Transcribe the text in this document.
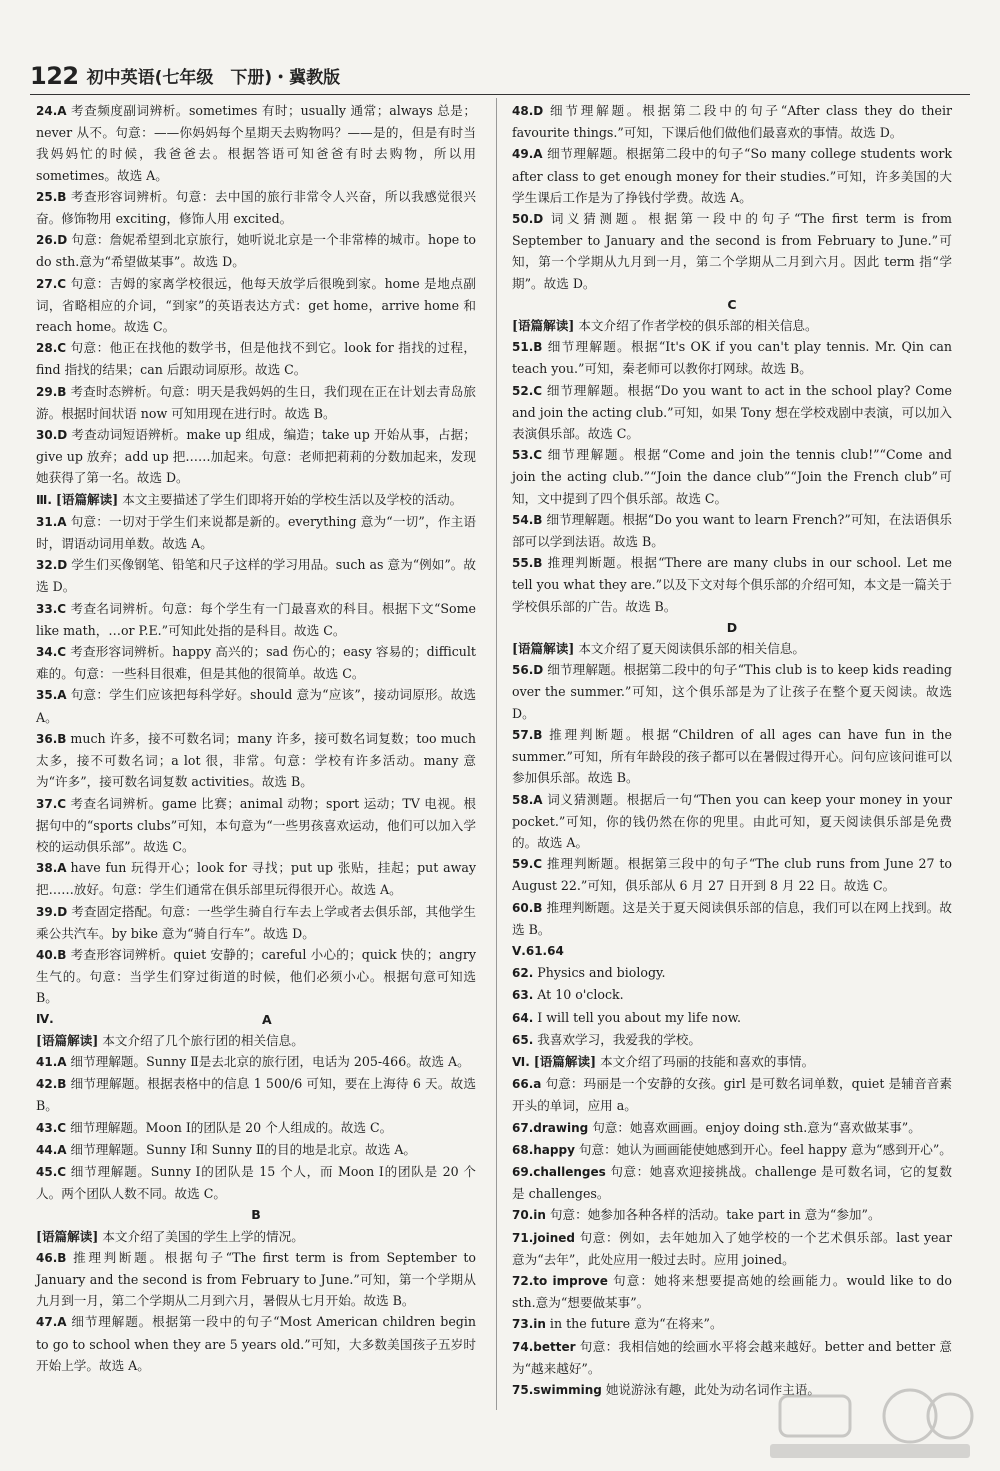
122 初中英语(七年级　下册)・冀教版

24.A 考查频度副词辨析。sometimes 有时；usually 通常；always 总是；never 从不。句意：——你妈妈每个星期天去购物吗？——是的，但是有时当我妈妈忙的时候，我爸爸去。根据答语可知爸爸有时去购物，所以用 sometimes。故选 A。

25.B 考查形容词辨析。句意：去中国的旅行非常令人兴奋，所以我感觉很兴奋。修饰物用 exciting，修饰人用 excited。

26.D 句意：詹妮希望到北京旅行，她听说北京是一个非常棒的城市。hope to do sth.意为“希望做某事”。故选 D。

27.C 句意：吉姆的家离学校很远，他每天放学后很晚到家。home 是地点副词，省略相应的介词，“到家”的英语表达方式：get home，arrive home 和 reach home。故选 C。

28.C 句意：他正在找他的数学书，但是他找不到它。look for 指找的过程，find 指找的结果；can 后跟动词原形。故选 C。

29.B 考查时态辨析。句意：明天是我妈妈的生日，我们现在正在计划去青岛旅游。根据时间状语 now 可知用现在进行时。故选 B。

30.D 考查动词短语辨析。make up 组成，编造；take up 开始从事，占据；give up 放弃；add up 把……加起来。句意：老师把莉莉的分数加起来，发现她获得了第一名。故选 D。

Ⅲ. [语篇解读] 本文主要描述了学生们即将开始的学校生活以及学校的活动。

31.A 句意：一切对于学生们来说都是新的。everything 意为“一切”，作主语时，谓语动词用单数。故选 A。

32.D 学生们买像钢笔、铅笔和尺子这样的学习用品。such as 意为“例如”。故选 D。

33.C 考查名词辨析。句意：每个学生有一门最喜欢的科目。根据下文“Some like math，…or P.E.”可知此处指的是科目。故选 C。

34.C 考查形容词辨析。happy 高兴的；sad 伤心的；easy 容易的；difficult 难的。句意：一些科目很难，但是其他的很简单。故选 C。

35.A 句意：学生们应该把每科学好。should 意为“应该”，接动词原形。故选 A。

36.B much 许多，接不可数名词；many 许多，接可数名词复数；too much 太多，接不可数名词；a lot 很，非常。句意：学校有许多活动。many 意为“许多”，接可数名词复数 activities。故选 B。

37.C 考查名词辨析。game 比赛；animal 动物；sport 运动；TV 电视。根据句中的“sports clubs”可知，本句意为“一些男孩喜欢运动，他们可以加入学校的运动俱乐部”。故选 C。

38.A have fun 玩得开心；look for 寻找；put up 张贴，挂起；put away 把……放好。句意：学生们通常在俱乐部里玩得很开心。故选 A。

39.D 考查固定搭配。句意：一些学生骑自行车去上学或者去俱乐部，其他学生乘公共汽车。by bike 意为“骑自行车”。故选 D。

40.B 考查形容词辨析。quiet 安静的；careful 小心的；quick 快的；angry 生气的。句意：当学生们穿过街道的时候，他们必须小心。根据句意可知选 B。

Ⅳ.	A

[语篇解读] 本文介绍了几个旅行团的相关信息。

41.A 细节理解题。Sunny Ⅱ是去北京的旅行团，电话为 205-466。故选 A。

42.B 细节理解题。根据表格中的信息 1 500/6 可知，要在上海待 6 天。故选 B。

43.C 细节理解题。Moon Ⅰ的团队是 20 个人组成的。故选 C。

44.A 细节理解题。Sunny Ⅰ和 Sunny Ⅱ的目的地是北京。故选 A。

45.C 细节理解题。Sunny Ⅰ的团队是 15 个人，而 Moon Ⅰ的团队是 20 个人。两个团队人数不同。故选 C。

B

[语篇解读] 本文介绍了美国的学生上学的情况。

46.B 推理判断题。根据句子“The first term is from September to January and the second is from February to June.”可知，第一个学期从九月到一月，第二个学期从二月到六月，暑假从七月开始。故选 B。

47.A 细节理解题。根据第一段中的句子“Most American children begin to go to school when they are 5 years old.”可知，大多数美国孩子五岁时开始上学。故选 A。

48.D 细节理解题。根据第二段中的句子“After class they do their favourite things.”可知，下课后他们做他们最喜欢的事情。故选 D。

49.A 细节理解题。根据第二段中的句子“So many college students work after class to get enough money for their studies.”可知，许多美国的大学生课后工作是为了挣钱付学费。故选 A。

50.D 词义猜测题。根据第一段中的句子“The first term is from September to January and the second is from February to June.”可知，第一个学期从九月到一月，第二个学期从二月到六月。因此 term 指“学期”。故选 D。

C

[语篇解读] 本文介绍了作者学校的俱乐部的相关信息。

51.B 细节理解题。根据“It's OK if you can't play tennis. Mr. Qin can teach you.”可知，秦老师可以教你打网球。故选 B。

52.C 细节理解题。根据“Do you want to act in the school play? Come and join the acting club.”可知，如果 Tony 想在学校戏剧中表演，可以加入表演俱乐部。故选 C。

53.C 细节理解题。根据“Come and join the tennis club!”“Come and join the acting club.”“Join the dance club”“Join the French club”可知，文中提到了四个俱乐部。故选 C。

54.B 细节理解题。根据“Do you want to learn French?”可知，在法语俱乐部可以学到法语。故选 B。

55.B 推理判断题。根据“There are many clubs in our school. Let me tell you what they are.”以及下文对每个俱乐部的介绍可知，本文是一篇关于学校俱乐部的广告。故选 B。

D

[语篇解读] 本文介绍了夏天阅读俱乐部的相关信息。

56.D 细节理解题。根据第二段中的句子“This club is to keep kids reading over the summer.”可知，这个俱乐部是为了让孩子在整个夏天阅读。故选 D。

57.B 推理判断题。根据“Children of all ages can have fun in the summer.”可知，所有年龄段的孩子都可以在暑假过得开心。问句应该问谁可以参加俱乐部。故选 B。

58.A 词义猜测题。根据后一句“Then you can keep your money in your pocket.”可知，你的钱仍然在你的兜里。由此可知，夏天阅读俱乐部是免费的。故选 A。

59.C 推理判断题。根据第三段中的句子“The club runs from June 27 to August 22.”可知，俱乐部从 6 月 27 日开到 8 月 22 日。故选 C。

60.B 推理判断题。这是关于夏天阅读俱乐部的信息，我们可以在网上找到。故选 B。

Ⅴ.61.64

62. Physics and biology.

63. At 10 o'clock.

64. I will tell you about my life now.

65. 我喜欢学习，我爱我的学校。

Ⅵ. [语篇解读] 本文介绍了玛丽的技能和喜欢的事情。

66.a 句意：玛丽是一个安静的女孩。girl 是可数名词单数，quiet 是辅音音素开头的单词，应用 a。

67.drawing 句意：她喜欢画画。enjoy doing sth.意为“喜欢做某事”。

68.happy 句意：她认为画画能使她感到开心。feel happy 意为“感到开心”。

69.challenges 句意：她喜欢迎接挑战。challenge 是可数名词，它的复数是 challenges。

70.in 句意：她参加各种各样的活动。take part in 意为“参加”。

71.joined 句意：例如，去年她加入了她学校的一个艺术俱乐部。last year 意为“去年”，此处应用一般过去时。应用 joined。

72.to improve 句意：她将来想要提高她的绘画能力。would like to do sth.意为“想要做某事”。

73.in in the future 意为“在将来”。

74.better 句意：我相信她的绘画水平将会越来越好。better and better 意为“越来越好”。

75.swimming 她说游泳有趣，此处为动名词作主语。
